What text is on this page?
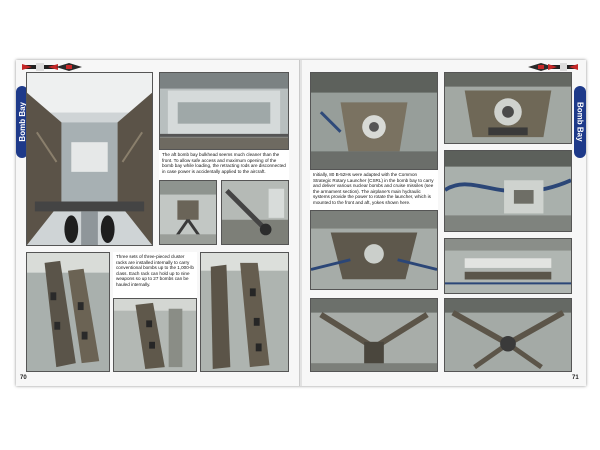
Bomb Bay
The aft bomb bay bulkhead seems much cleaner than the front. To allow safe access and maximum opening of the bomb bay while loading, the retracting rods are disconnected in case power is accidentally applied to the aircraft.
Three sets of three-pieced cluster racks are installed internally to carry conventional bombs up to the 1,000-lb class. Each rack can hold up to nine weapons so up to 27 bombs can be hauled internally.
70
Bomb Bay
Initially, 80 B-52Hs were adapted with the Common Strategic Rotary Launcher (CSRL) in the bomb bay to carry and deliver various nuclear bombs and cruise missiles (see the armament section). The airplane's main hydraulic systems provide the power to rotate the launcher, which is mounted to the front and aft, yokes shown here.
71
